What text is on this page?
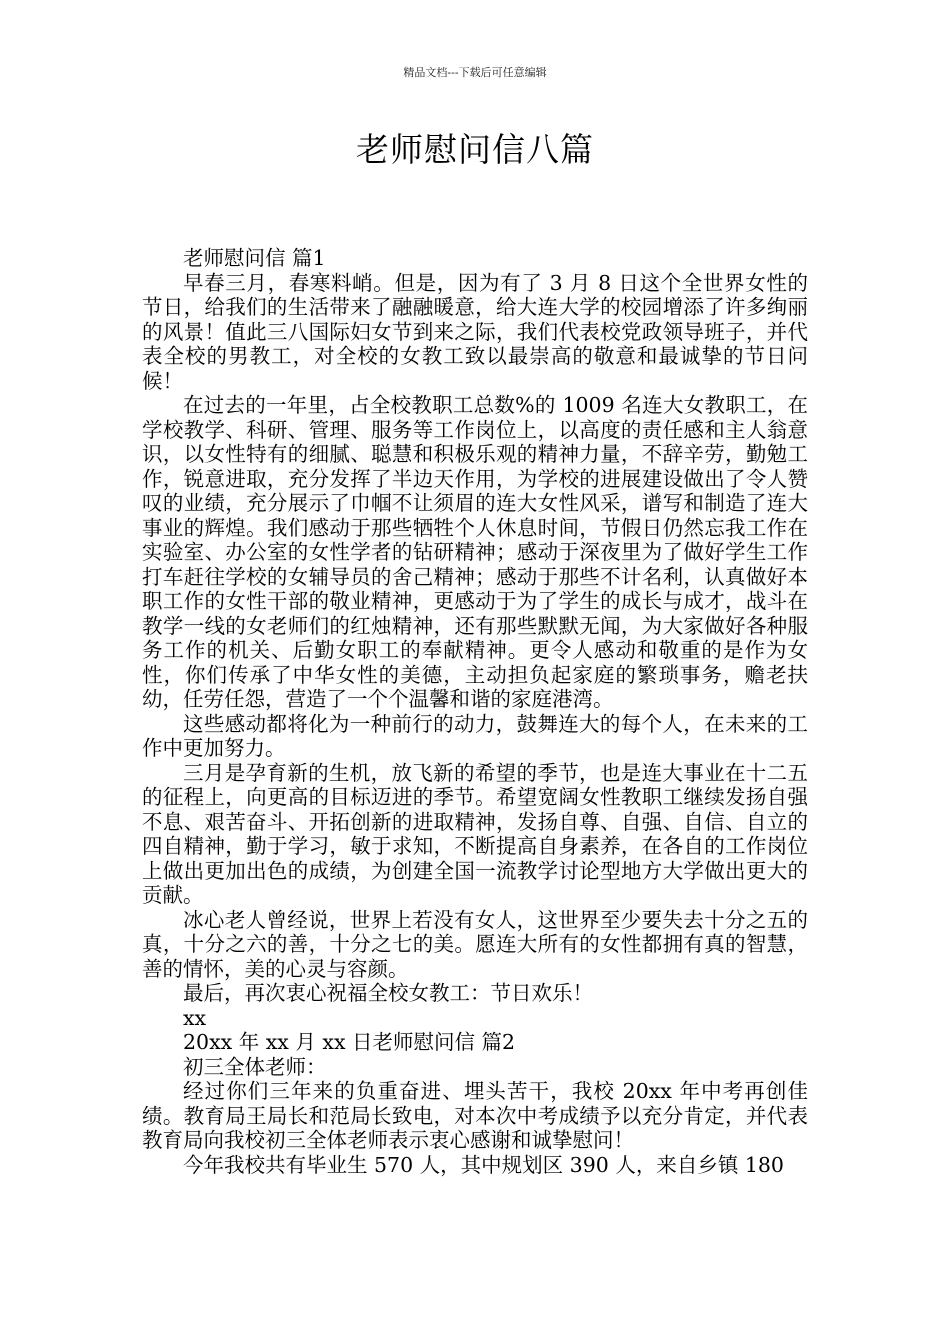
精品文档---下载后可任意编辑
老师慰问信八篇

老师慰问信 篇1

早春三月，春寒料峭。但是，因为有了 3 月 8 日这个全世界女性的节日，给我们的生活带来了融融暖意，给大连大学的校园增添了许多绚丽的风景！值此三八国际妇女节到来之际，我们代表校党政领导班子，并代表全校的男教工，对全校的女教工致以最崇高的敬意和最诚挚的节日问候！

在过去的一年里，占全校教职工总数%的 1009 名连大女教职工，在学校教学、科研、管理、服务等工作岗位上，以高度的责任感和主人翁意识，以女性特有的细腻、聪慧和积极乐观的精神力量，不辞辛劳，勤勉工作，锐意进取，充分发挥了半边天作用，为学校的进展建设做出了令人赞叹的业绩，充分展示了巾帼不让须眉的连大女性风采，谱写和制造了连大事业的辉煌。我们感动于那些牺牲个人休息时间，节假日仍然忘我工作在实验室、办公室的女性学者的钻研精神；感动于深夜里为了做好学生工作打车赶往学校的女辅导员的舍己精神；感动于那些不计名利，认真做好本职工作的女性干部的敬业精神，更感动于为了学生的成长与成才，战斗在教学一线的女老师们的红烛精神，还有那些默默无闻，为大家做好各种服务工作的机关、后勤女职工的奉献精神。更令人感动和敬重的是作为女性，你们传承了中华女性的美德，主动担负起家庭的繁琐事务，赡老扶幼，任劳任怨，营造了一个个温馨和谐的家庭港湾。

这些感动都将化为一种前行的动力，鼓舞连大的每个人，在未来的工作中更加努力。

三月是孕育新的生机，放飞新的希望的季节，也是连大事业在十二五的征程上，向更高的目标迈进的季节。希望宽阔女性教职工继续发扬自强不息、艰苦奋斗、开拓创新的进取精神，发扬自尊、自强、自信、自立的四自精神，勤于学习，敏于求知，不断提高自身素养，在各自的工作岗位上做出更加出色的成绩，为创建全国一流教学讨论型地方大学做出更大的贡献。

冰心老人曾经说，世界上若没有女人，这世界至少要失去十分之五的真，十分之六的善，十分之七的美。愿连大所有的女性都拥有真的智慧，善的情怀，美的心灵与容颜。

最后，再次衷心祝福全校女教工：节日欢乐！

xx

20xx 年 xx 月 xx 日老师慰问信 篇2

初三全体老师：

经过你们三年来的负重奋进、埋头苦干，我校 20xx 年中考再创佳绩。教育局王局长和范局长致电，对本次中考成绩予以充分肯定，并代表教育局向我校初三全体老师表示衷心感谢和诚挚慰问！

今年我校共有毕业生 570 人，其中规划区 390 人，来自乡镇 180
